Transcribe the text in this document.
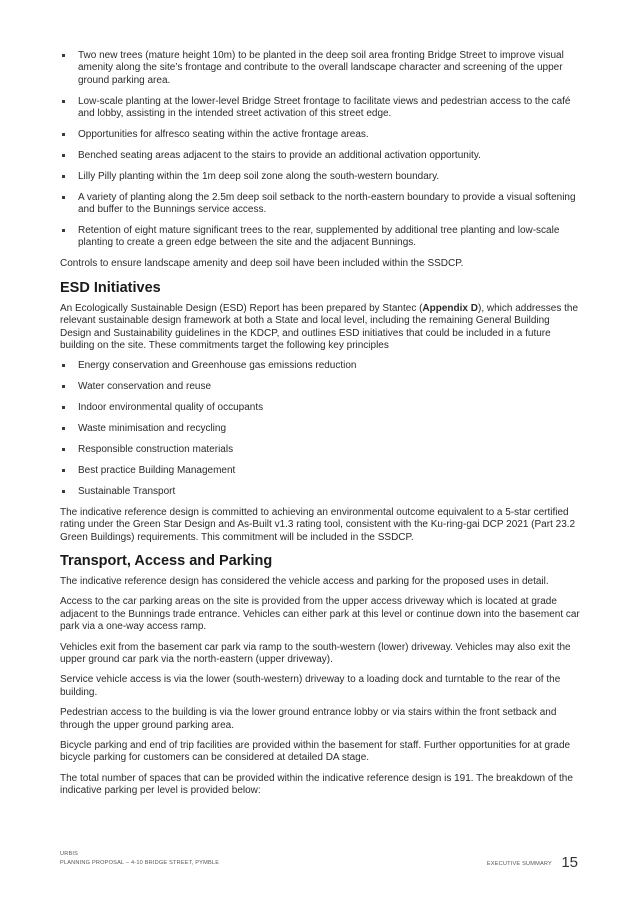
Two new trees (mature height 10m) to be planted in the deep soil area fronting Bridge Street to improve visual amenity along the site’s frontage and contribute to the overall landscape character and screening of the upper ground parking area.
Low-scale planting at the lower-level Bridge Street frontage to facilitate views and pedestrian access to the café and lobby, assisting in the intended street activation of this street edge.
Opportunities for alfresco seating within the active frontage areas.
Benched seating areas adjacent to the stairs to provide an additional activation opportunity.
Lilly Pilly planting within the 1m deep soil zone along the south-western boundary.
A variety of planting along the 2.5m deep soil setback to the north-eastern boundary to provide a visual softening and buffer to the Bunnings service access.
Retention of eight mature significant trees to the rear, supplemented by additional tree planting and low-scale planting to create a green edge between the site and the adjacent Bunnings.

Controls to ensure landscape amenity and deep soil have been included within the SSDCP.

ESD Initiatives

An Ecologically Sustainable Design (ESD) Report has been prepared by Stantec (Appendix D), which addresses the relevant sustainable design framework at both a State and local level, including the remaining General Building Design and Sustainability guidelines in the KDCP, and outlines ESD initiatives that could be included in a future building on the site. These commitments target the following key principles

Energy conservation and Greenhouse gas emissions reduction
Water conservation and reuse
Indoor environmental quality of occupants
Waste minimisation and recycling
Responsible construction materials
Best practice Building Management
Sustainable Transport

The indicative reference design is committed to achieving an environmental outcome equivalent to a 5-star certified rating under the Green Star Design and As-Built v1.3 rating tool, consistent with the Ku-ring-gai DCP 2021 (Part 23.2 Green Buildings) requirements. This commitment will be included in the SSDCP.

Transport, Access and Parking

The indicative reference design has considered the vehicle access and parking for the proposed uses in detail.

Access to the car parking areas on the site is provided from the upper access driveway which is located at grade adjacent to the Bunnings trade entrance. Vehicles can either park at this level or continue down into the basement car park via a one-way access ramp.

Vehicles exit from the basement car park via ramp to the south-western (lower) driveway. Vehicles may also exit the upper ground car park via the north-eastern (upper driveway).

Service vehicle access is via the lower (south-western) driveway to a loading dock and turntable to the rear of the building.

Pedestrian access to the building is via the lower ground entrance lobby or via stairs within the front setback and through the upper ground parking area.

Bicycle parking and end of trip facilities are provided within the basement for staff. Further opportunities for at grade bicycle parking for customers can be considered at detailed DA stage.

The total number of spaces that can be provided within the indicative reference design is 191. The breakdown of the indicative parking per level is provided below:

URBIS
PLANNING PROPOSAL – 4-10 BRIDGE STREET, PYMBLE	EXECUTIVE SUMMARY 15
